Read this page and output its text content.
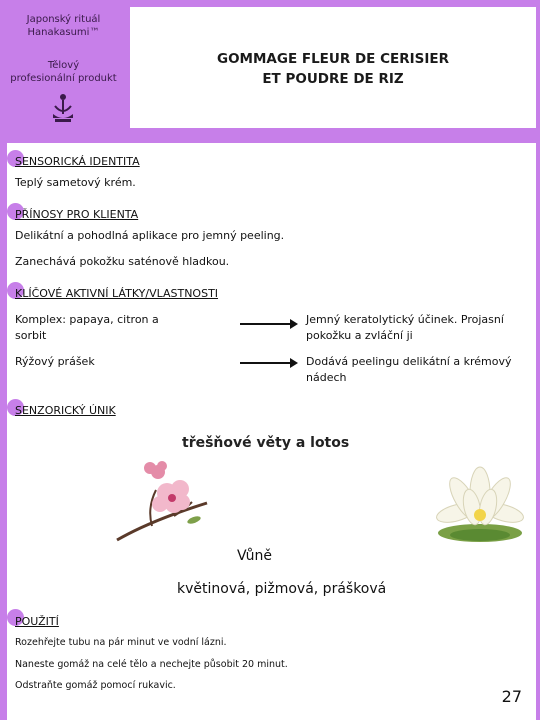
Japonský rituál
Hanakasumi™
Tělový
profesionální produkt
GOMMAGE FLEUR DE CERISIER
ET POUDRE DE RIZ
SENSORICKÁ IDENTITA
Teplý sametový krém.
PŘÍNOSY PRO KLIENTA
Delikátní a pohodlná aplikace pro jemný peeling.
Zanechává pokožku saténově hladkou.
KLÍČOVÉ AKTIVNÍ LÁTKY/VLASTNOSTI
Komplex: papaya, citron a
sorbit
Jemný keratolytický účinek. Projasní
pokožku a zvláční ji
Rýžový prášek	Dodává peelingu delikátní a krémový
nádech
SENZORICKÝ ÚNIK
třešňové věty a lotos
Vůně
květinová, pižmová, prášková
POUŽITÍ
Rozehřejte tubu na pár minut ve vodní lázni.
Naneste gomáž na celé tělo a nechejte působit 20 minut.
Odstraňte gomáž pomocí rukavic.
27
